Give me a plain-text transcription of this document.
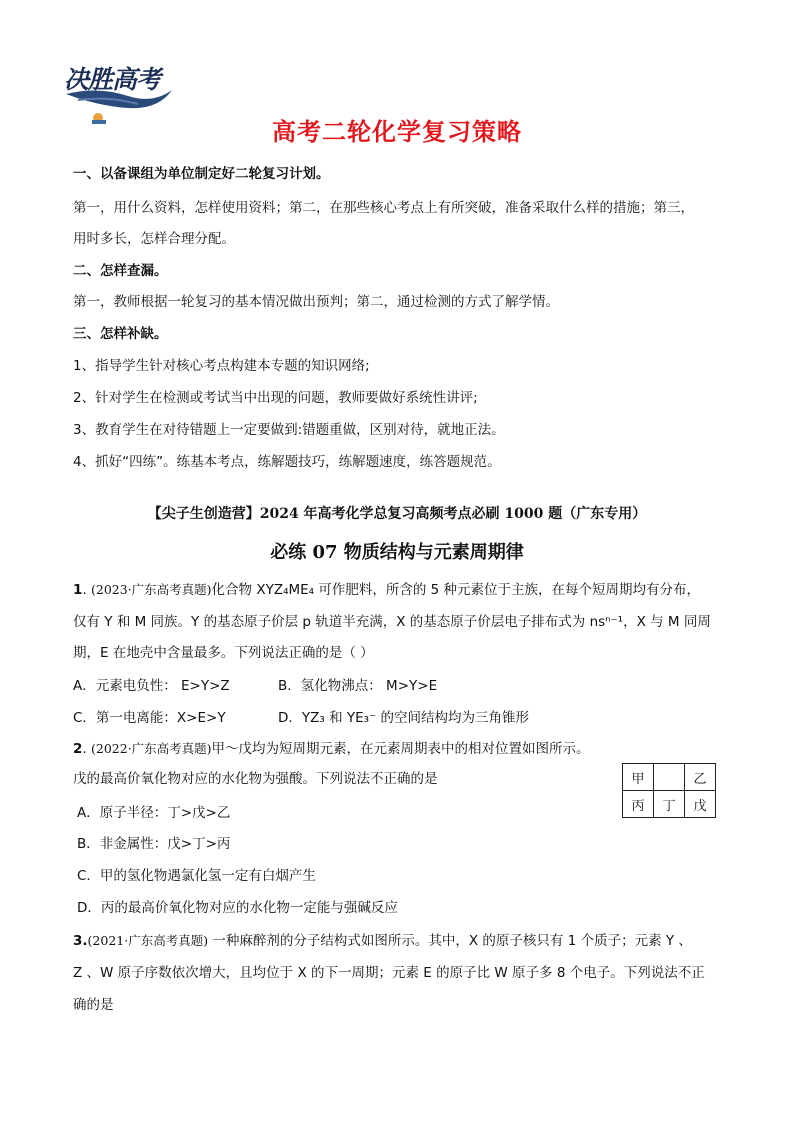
决胜高考
高考二轮化学复习策略
一、以备课组为单位制定好二轮复习计划。
第一，用什么资料，怎样使用资料；第二，在那些核心考点上有所突破，准备采取什么样的措施；第三，
用时多长，怎样合理分配。
二、怎样查漏。
第一，教师根据一轮复习的基本情况做出预判；第二，通过检测的方式了解学情。
三、怎样补缺。
1、指导学生针对核心考点构建本专题的知识网络;
2、针对学生在检测或考试当中出现的问题，教师要做好系统性讲评;
3、教育学生在对待错题上一定要做到:错题重做，区别对待，就地正法。
4、抓好“四练”。练基本考点，练解题技巧，练解题速度，练答题规范。
【尖子生创造营】2024 年高考化学总复习高频考点必刷 1000 题（广东专用）
必练 07 物质结构与元素周期律
1. (2023·广东高考真题)化合物 XYZ₄ME₄ 可作肥料，所含的 5 种元素位于主族，在每个短周期均有分布，
仅有 Y 和 M 同族。Y 的基态原子价层 p 轨道半充满，X 的基态原子价层电子排布式为 nsⁿ⁻¹，X 与 M 同周
期，E 在地壳中含量最多。下列说法正确的是（ ）
A．元素电负性： E>Y>Z	B．氢化物沸点： M>Y>E
C．第一电离能：X>E>Y	D．YZ₃ 和 YE₃⁻ 的空间结构均为三角锥形
2. (2022·广东高考真题)甲～戊均为短周期元素，在元素周期表中的相对位置如图所示。
戊的最高价氧化物对应的水化物为强酸。下列说法不正确的是
A．原子半径：丁>戊>乙
B．非金属性：戊>丁>丙
C．甲的氢化物遇氯化氢一定有白烟产生
D．丙的最高价氧化物对应的水化物一定能与强碱反应
甲		乙
丙	丁	戊
3.(2021·广东高考真题) 一种麻醉剂的分子结构式如图所示。其中，X 的原子核只有 1 个质子；元素 Y 、
Z 、W 原子序数依次增大，且均位于 X 的下一周期；元素 E 的原子比 W 原子多 8 个电子。下列说法不正
确的是
